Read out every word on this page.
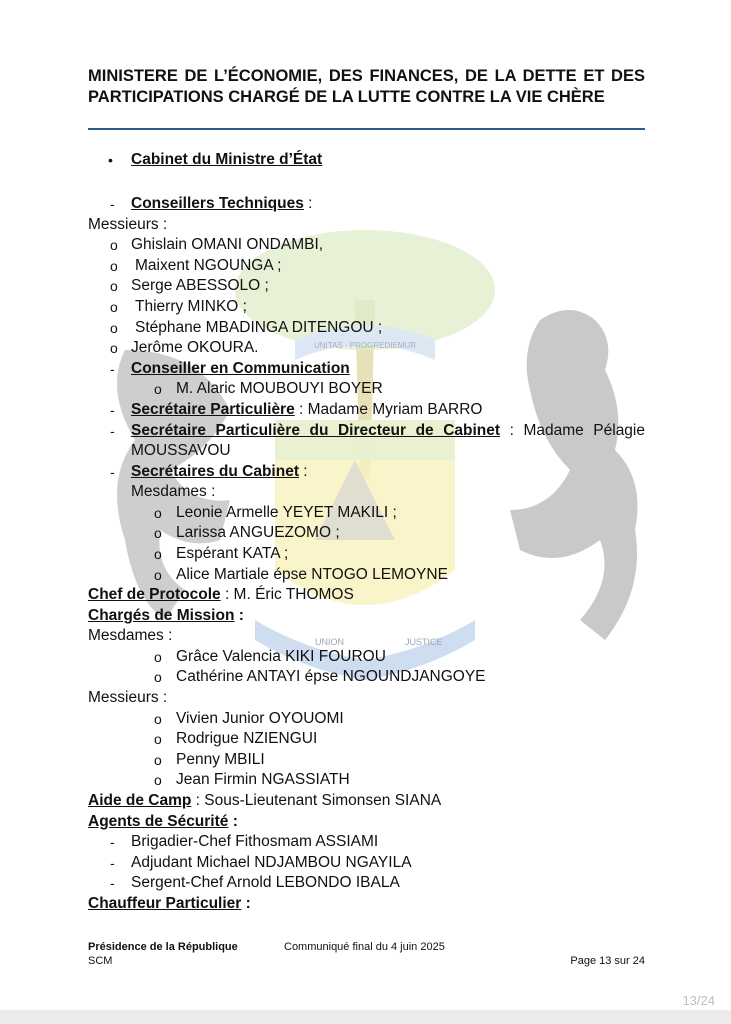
UNITAS · PROGREDIEMUR
UNION	JUSTICE
MINISTERE DE L’ÉCONOMIE, DES FINANCES, DE LA DETTE ET DES PARTICIPATIONS CHARGÉ DE LA LUTTE CONTRE LA VIE CHÈRE
• Cabinet du Ministre d’État
- Conseillers Techniques :
Messieurs :
o Ghislain OMANI ONDAMBI,
o Maixent NGOUNGA ;
o Serge ABESSOLO ;
o Thierry MINKO ;
o Stéphane MBADINGA DITENGOU ;
o Jerôme OKOURA.
- Conseiller en Communication
o M. Alaric MOUBOUYI BOYER
- Secrétaire Particulière : Madame Myriam BARRO
- Secrétaire Particulière du Directeur de Cabinet : Madame Pélagie MOUSSAVOU
- Secrétaires du Cabinet :
Mesdames :
o Leonie Armelle YEYET MAKILI ;
o Larissa ANGUEZOMO ;
o Espérant KATA ;
o Alice Martiale épse NTOGO LEMOYNE
Chef de Protocole : M. Éric THOMOS
Chargés de Mission :
Mesdames :
o Grâce Valencia KIKI FOUROU
o Cathérine ANTAYI épse NGOUNDJANGOYE
Messieurs :
o Vivien Junior OYOUOMI
o Rodrigue NZIENGUI
o Penny MBILI
o Jean Firmin NGASSIATH
Aide de Camp : Sous-Lieutenant Simonsen SIANA
Agents de Sécurité :
- Brigadier-Chef Fithosmam ASSIAMI
- Adjudant Michael NDJAMBOU NGAYILA
- Sergent-Chef Arnold LEBONDO IBALA
Chauffeur Particulier :
Présidence de la République	Communiqué final du 4 juin 2025
SCM	Page 13 sur 24
13/24
